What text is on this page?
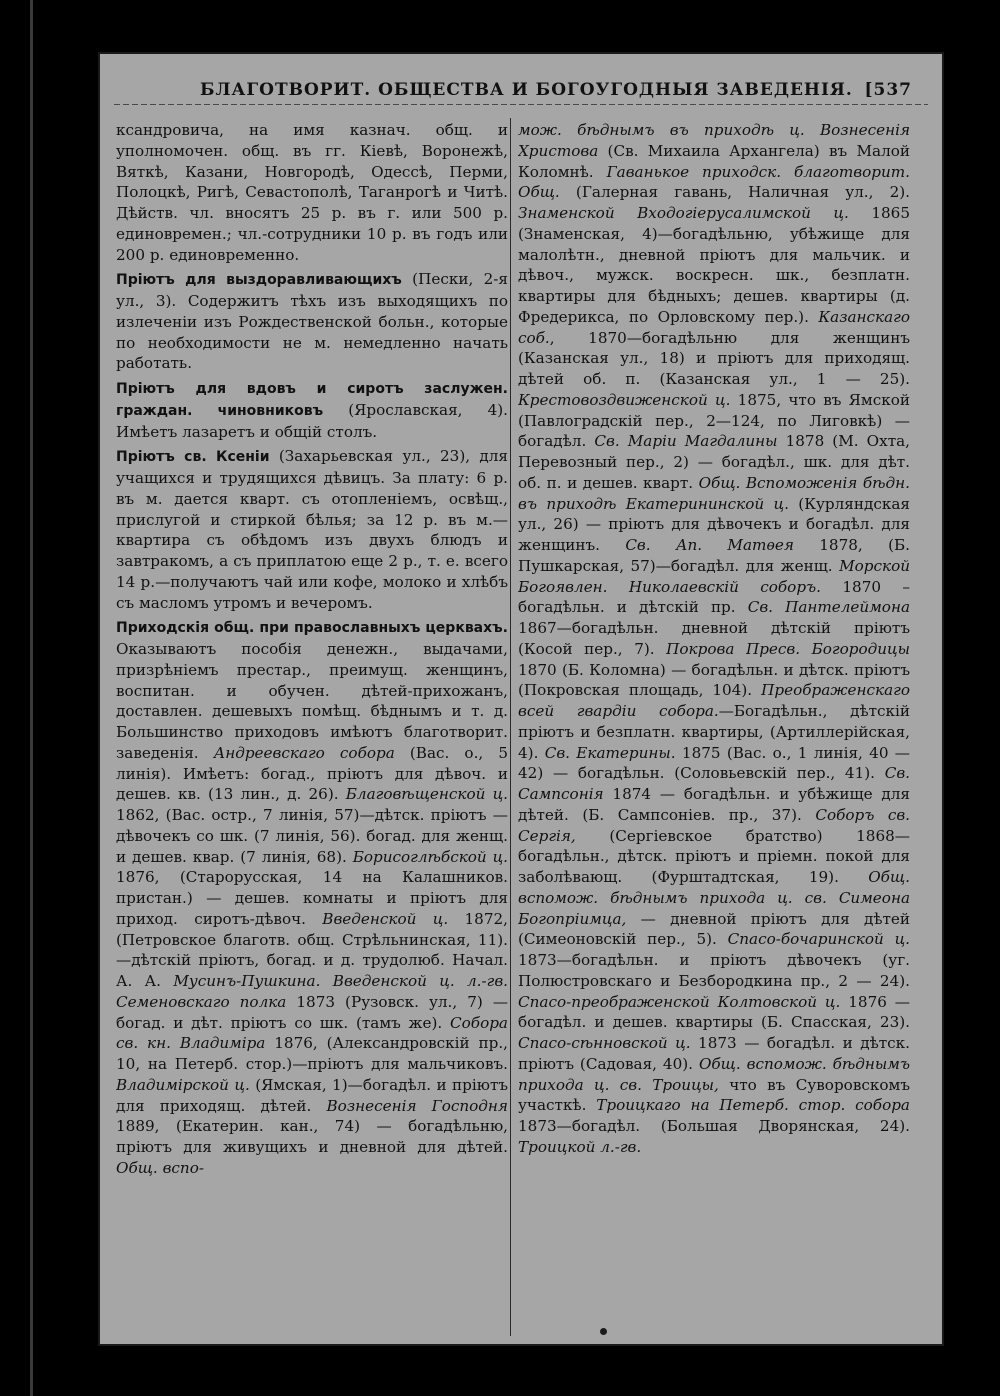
БЛАГОТВОРИТ. ОБЩЕСТВА И БОГОУГОДНЫЯ ЗАВЕДЕНІЯ. [537

ксандровича, на имя казнач. общ. и уполномочен. общ. въ гг. Кіевѣ, Воронежѣ, Вяткѣ, Казани, Новгородѣ, Одессѣ, Перми, Полоцкѣ, Ригѣ, Севастополѣ, Таганрогѣ и Читѣ. Дѣйств. чл. вносятъ 25 р. въ г. или 500 р. единовремен.; чл.-сотрудники 10 р. въ годъ или 200 р. единовременно.

Пріютъ для выздоравливающихъ (Пески, 2-я ул., 3). Содержитъ тѣхъ изъ выходящихъ по излеченіи изъ Рождественской больн., которые по необходимости не м. немедленно начать работать.

Пріютъ для вдовъ и сиротъ заслужен. граждан. чиновниковъ (Ярославская, 4). Имѣетъ лазаретъ и общій столъ.

Пріютъ св. Ксеніи (Захарьевская ул., 23), для учащихся и трудящихся дѣвицъ. За плату: 6 р. въ м. дается кварт. съ отопленіемъ, освѣщ., прислугой и стиркой бѣлья; за 12 р. въ м.—квартира съ обѣдомъ изъ двухъ блюдъ и завтракомъ, а съ приплатою еще 2 р., т. е. всего 14 р.—получаютъ чай или кофе, молоко и хлѣбъ съ масломъ утромъ и вечеромъ.

Приходскія общ. при православныхъ церквахъ. Оказываютъ пособія денежн., выдачами, призрѣніемъ престар., преимущ. женщинъ, воспитан. и обучен. дѣтей-прихожанъ, доставлен. дешевыхъ помѣщ. бѣднымъ и т. д. Большинство приходовъ имѣютъ благотворит. заведенія. Андреевскаго собора (Вас. о., 5 линія). Имѣетъ: богад., пріютъ для дѣвоч. и дешев. кв. (13 лин., д. 26). Благовѣщенской ц. 1862, (Вас. остр., 7 линія, 57)—дѣтск. пріютъ — дѣвочекъ со шк. (7 линія, 56). богад. для женщ. и дешев. квар. (7 линія, 68). Борисоглѣбской ц. 1876, (Старорусская, 14 на Калашников. пристан.) — дешев. комнаты и пріютъ для приход. сиротъ-дѣвоч. Введенской ц. 1872, (Петровское благотв. общ. Стрѣльнинская, 11).—дѣтскій пріютъ, богад. и д. трудолюб. Начал. А. А. Мусинъ-Пушкина. Введенской ц. л.-гв. Семеновскаго полка 1873 (Рузовск. ул., 7) — богад. и дѣт. пріютъ со шк. (тамъ же). Собора св. кн. Владиміра 1876, (Александровскій пр., 10, на Петерб. стор.)—пріютъ для мальчиковъ. Владимірской ц. (Ямская, 1)—богадѣл. и пріютъ для приходящ. дѣтей. Вознесенія Господня 1889, (Екатерин. кан., 74) — богадѣльню, пріютъ для живущихъ и дневной для дѣтей. Общ. вспо-

мож. бѣднымъ въ приходѣ ц. Вознесенія Христова (Св. Михаила Архангела) въ Малой Коломнѣ. Гаванькое приходск. благотворит. Общ. (Галерная гавань, Наличная ул., 2). Знаменской Входогіерусалимской ц. 1865 (Знаменская, 4)—богадѣльню, убѣжище для малолѣтн., дневной пріютъ для мальчик. и дѣвоч., мужск. воскресн. шк., безплатн. квартиры для бѣдныхъ; дешев. квартиры (д. Фредерикса, по Орловскому пер.). Казанскаго соб., 1870—богадѣльню для женщинъ (Казанская ул., 18) и пріютъ для приходящ. дѣтей об. п. (Казанская ул., 1 — 25). Крестовоздвиженской ц. 1875, что въ Ямской (Павлоградскій пер., 2—124, по Лиговкѣ) — богадѣл. Св. Маріи Магдалины 1878 (М. Охта, Перевозный пер., 2) — богадѣл., шк. для дѣт. об. п. и дешев. кварт. Общ. Вспоможенія бѣдн. въ приходѣ Екатерининской ц. (Курляндская ул., 26) — пріютъ для дѣвочекъ и богадѣл. для женщинъ. Св. Ап. Матѳея 1878, (Б. Пушкарская, 57)—богадѣл. для женщ. Морской Богоявлен. Николаевскій соборъ. 1870 – богадѣльн. и дѣтскій пр. Св. Пантелеймона 1867—богадѣльн. дневной дѣтскій пріютъ (Косой пер., 7). Покрова Пресв. Богородицы 1870 (Б. Коломна) — богадѣльн. и дѣтск. пріютъ (Покровская площадь, 104). Преображенскаго всей гвардіи собора.—Богадѣльн., дѣтскій пріютъ и безплатн. квартиры, (Артиллерійская, 4). Св. Екатерины. 1875 (Вас. о., 1 линія, 40 — 42) — богадѣльн. (Соловьевскій пер., 41). Св. Сампсонія 1874 — богадѣльн. и убѣжище для дѣтей. (Б. Сампсоніев. пр., 37). Соборъ св. Сергія, (Сергіевское братство) 1868—богадѣльн., дѣтск. пріютъ и пріемн. покой для заболѣвающ. (Фурштадтская, 19). Общ. вспомож. бѣднымъ прихода ц. св. Симеона Богопріимца, — дневной пріютъ для дѣтей (Симеоновскій пер., 5). Спасо-бочаринской ц. 1873—богадѣльн. и пріютъ дѣвочекъ (уг. Полюстровскаго и Безбородкина пр., 2 — 24). Спасо-преображенской Колтовской ц. 1876 — богадѣл. и дешев. квартиры (Б. Спасская, 23). Спасо-сѣнновской ц. 1873 — богадѣл. и дѣтск. пріютъ (Садовая, 40). Общ. вспомож. бѣднымъ прихода ц. св. Троицы, что въ Суворовскомъ участкѣ. Троицкаго на Петерб. стор. собора 1873—богадѣл. (Большая Дворянская, 24). Троицкой л.-гв.
